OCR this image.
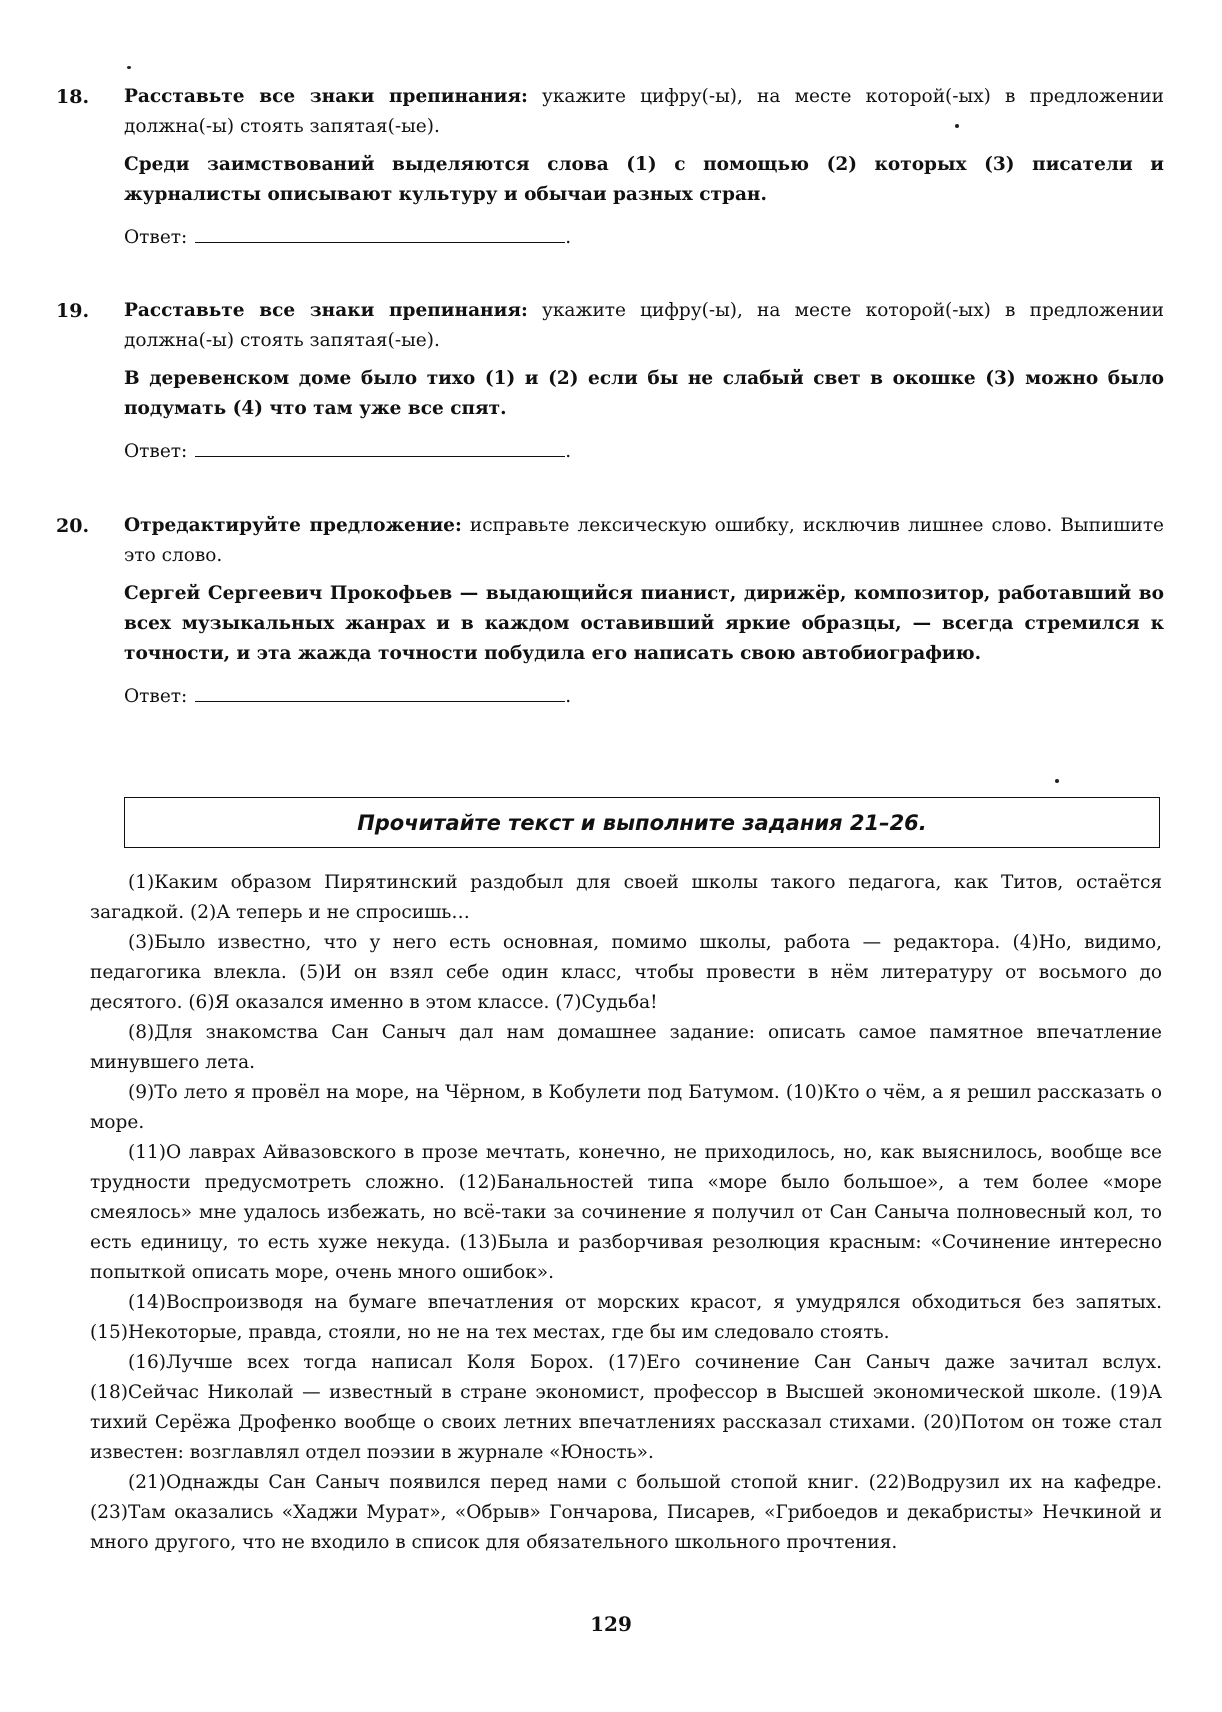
18. Расставьте все знаки препинания: укажите цифру(-ы), на месте которой(-ых) в предложении должна(-ы) стоять запятая(-ые).

Среди заимствований выделяются слова (1) с помощью (2) которых (3) писатели и журналисты описывают культуру и обычаи разных стран.

Ответ:	.
19. Расставьте все знаки препинания: укажите цифру(-ы), на месте которой(-ых) в предложении должна(-ы) стоять запятая(-ые).

В деревенском доме было тихо (1) и (2) если бы не слабый свет в окошке (3) можно было подумать (4) что там уже все спят.

Ответ:	.
20. Отредактируйте предложение: исправьте лексическую ошибку, исключив лишнее слово. Выпишите это слово.

Сергей Сергеевич Прокофьев — выдающийся пианист, дирижёр, композитор, работавший во всех музыкальных жанрах и в каждом оставивший яркие образцы, — всегда стремился к точности, и эта жажда точности побудила его написать свою автобиографию.

Ответ:	.
Прочитайте текст и выполните задания 21–26.

(1)Каким образом Пирятинский раздобыл для своей школы такого педагога, как Титов, остаётся загадкой. (2)А теперь и не спросишь…

(3)Было известно, что у него есть основная, помимо школы, работа — редактора. (4)Но, видимо, педагогика влекла. (5)И он взял себе один класс, чтобы провести в нём литературу от восьмого до десятого. (6)Я оказался именно в этом классе. (7)Судьба!

(8)Для знакомства Сан Саныч дал нам домашнее задание: описать самое памятное впечатление минувшего лета.

(9)То лето я провёл на море, на Чёрном, в Кобулети под Батумом. (10)Кто о чём, а я решил рассказать о море.

(11)О лаврах Айвазовского в прозе мечтать, конечно, не приходилось, но, как выяснилось, вообще все трудности предусмотреть сложно. (12)Банальностей типа «море было большое», а тем более «море смеялось» мне удалось избежать, но всё-таки за сочинение я получил от Сан Саныча полновесный кол, то есть единицу, то есть хуже некуда. (13)Была и разборчивая резолюция красным: «Сочинение интересно попыткой описать море, очень много ошибок».

(14)Воспроизводя на бумаге впечатления от морских красот, я умудрялся обходиться без запятых. (15)Некоторые, правда, стояли, но не на тех местах, где бы им следовало стоять.

(16)Лучше всех тогда написал Коля Борох. (17)Его сочинение Сан Саныч даже зачитал вслух. (18)Сейчас Николай — известный в стране экономист, профессор в Высшей экономической школе. (19)А тихий Серёжа Дрофенко вообще о своих летних впечатлениях рассказал стихами. (20)Потом он тоже стал известен: возглавлял отдел поэзии в журнале «Юность».

(21)Однажды Сан Саныч появился перед нами с большой стопой книг. (22)Водрузил их на кафедре. (23)Там оказались «Хаджи Мурат», «Обрыв» Гончарова, Писарев, «Грибоедов и декабристы» Нечкиной и много другого, что не входило в список для обязательного школьного прочтения.

129
